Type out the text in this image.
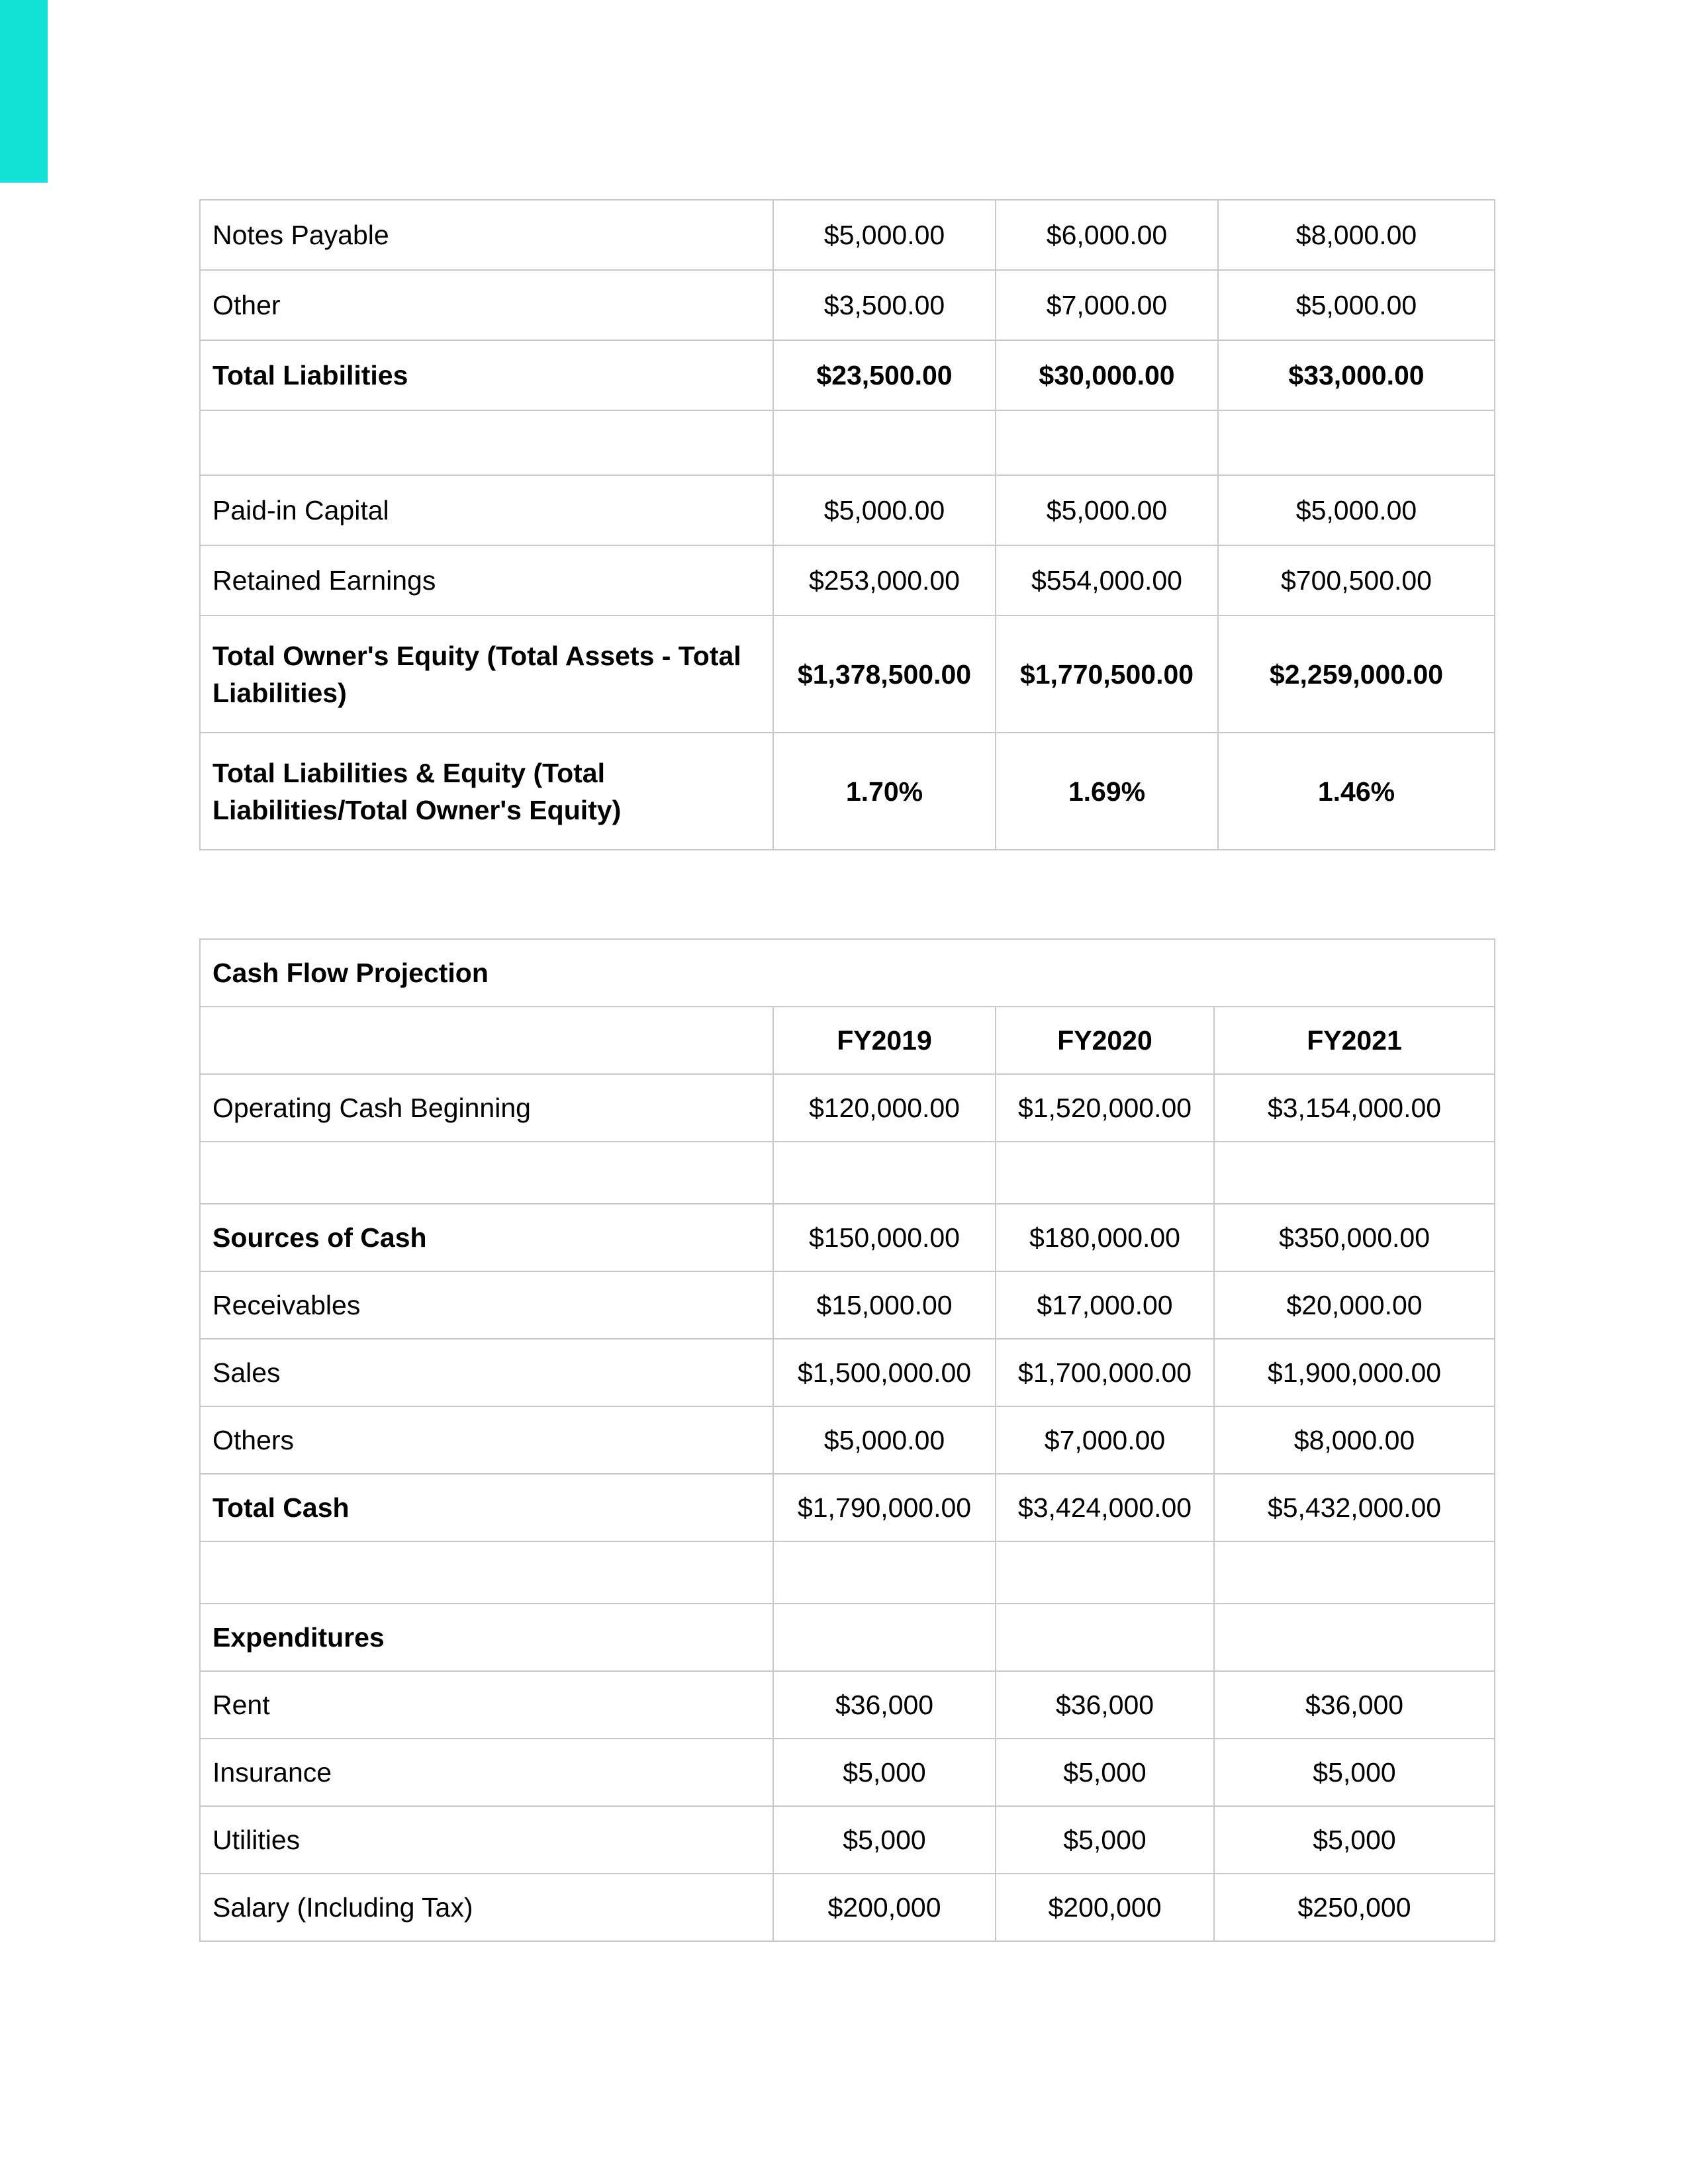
Notes Payable	$5,000.00	$6,000.00	$8,000.00
Other	$3,500.00	$7,000.00	$5,000.00
Total Liabilities	$23,500.00	$30,000.00	$33,000.00

Paid-in Capital	$5,000.00	$5,000.00	$5,000.00
Retained Earnings	$253,000.00	$554,000.00	$700,500.00
Total Owner's Equity (Total Assets - Total Liabilities)	$1,378,500.00	$1,770,500.00	$2,259,000.00
Total Liabilities & Equity (Total Liabilities/Total Owner's Equity)	1.70%	1.69%	1.46%
Cash Flow Projection			
	FY2019	FY2020	FY2021
Operating Cash Beginning	$120,000.00	$1,520,000.00	$3,154,000.00

Sources of Cash	$150,000.00	$180,000.00	$350,000.00
Receivables	$15,000.00	$17,000.00	$20,000.00
Sales	$1,500,000.00	$1,700,000.00	$1,900,000.00
Others	$5,000.00	$7,000.00	$8,000.00
Total Cash	$1,790,000.00	$3,424,000.00	$5,432,000.00

Expenditures			
Rent	$36,000	$36,000	$36,000
Insurance	$5,000	$5,000	$5,000
Utilities	$5,000	$5,000	$5,000
Salary (Including Tax)	$200,000	$200,000	$250,000
